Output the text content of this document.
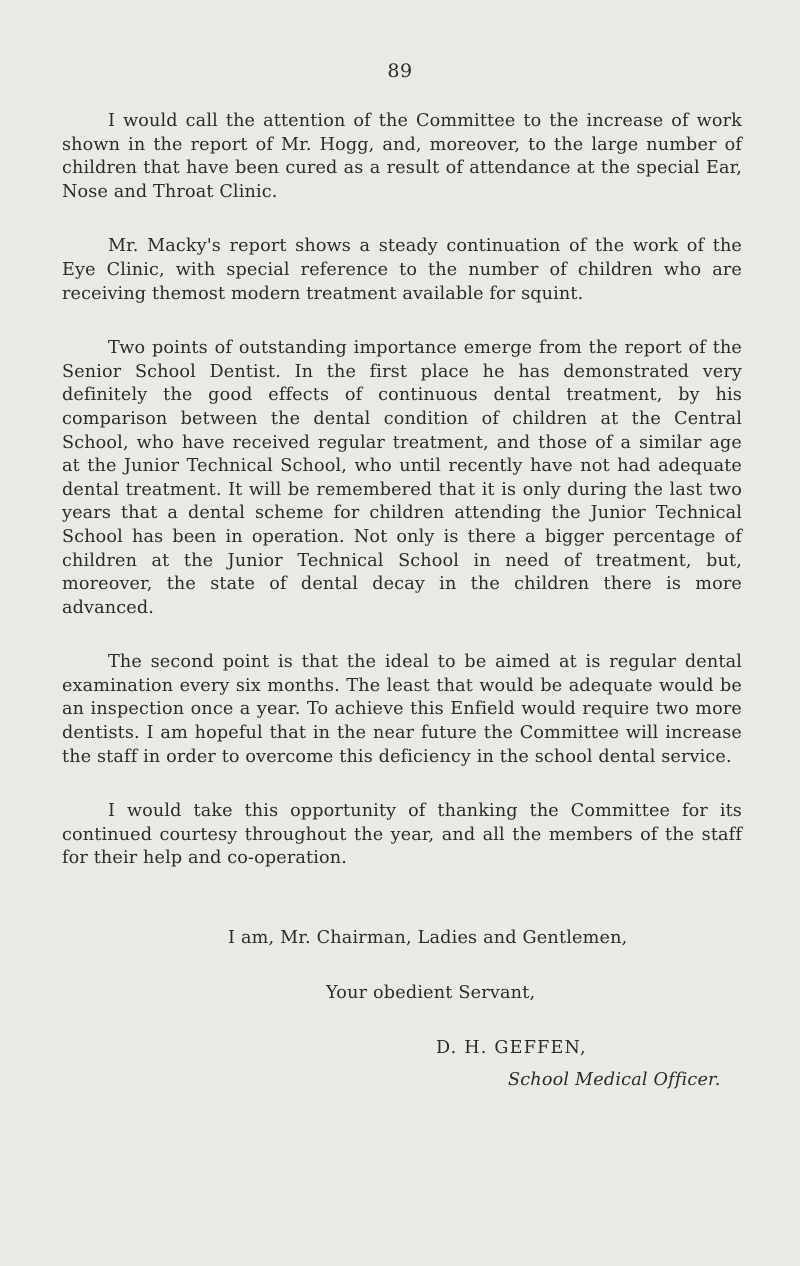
89

I would call the attention of the Committee to the increase of work shown in the report of Mr. Hogg, and, moreover, to the large number of children that have been cured as a result of attendance at the special Ear, Nose and Throat Clinic.

Mr. Macky's report shows a steady continuation of the work of the Eye Clinic, with special reference to the number of children who are receiving themost modern treatment available for squint.

Two points of outstanding importance emerge from the report of the Senior School Dentist. In the first place he has demonstrated very definitely the good effects of continuous dental treatment, by his comparison between the dental condition of children at the Central School, who have received regular treatment, and those of a similar age at the Junior Technical School, who until recently have not had adequate dental treatment. It will be remembered that it is only during the last two years that a dental scheme for children attending the Junior Technical School has been in operation. Not only is there a bigger percentage of children at the Junior Technical School in need of treatment, but, moreover, the state of dental decay in the children there is more advanced.

The second point is that the ideal to be aimed at is regular dental examination every six months. The least that would be adequate would be an inspection once a year. To achieve this Enfield would require two more dentists. I am hopeful that in the near future the Committee will increase the staff in order to overcome this deficiency in the school dental service.

I would take this opportunity of thanking the Committee for its continued courtesy throughout the year, and all the members of the staff for their help and co-operation.

I am, Mr. Chairman, Ladies and Gentlemen,
Your obedient Servant,
D. H. GEFFEN,
School Medical Officer.
